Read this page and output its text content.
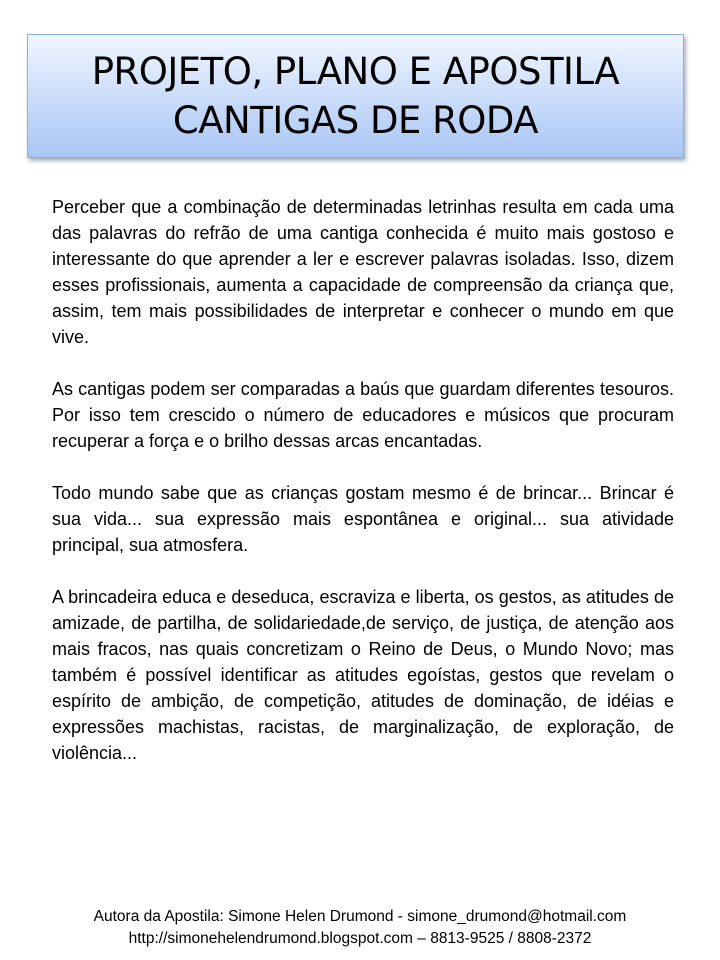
PROJETO, PLANO E APOSTILA
CANTIGAS DE RODA

Perceber que a combinação de determinadas letrinhas resulta em cada uma das palavras do refrão de uma cantiga conhecida é muito mais gostoso e interessante do que aprender a ler e escrever palavras isoladas. Isso, dizem esses profissionais, aumenta a capacidade de compreensão da criança que, assim, tem mais possibilidades de interpretar e conhecer o mundo em que vive.

As cantigas podem ser comparadas a baús que guardam diferentes tesouros. Por isso tem crescido o número de educadores e músicos que procuram recuperar a força e o brilho dessas arcas encantadas.

Todo mundo sabe que as crianças gostam mesmo é de brincar... Brincar é sua vida... sua expressão mais espontânea e original... sua atividade principal, sua atmosfera.

A brincadeira educa e deseduca, escraviza e liberta, os gestos, as atitudes de amizade, de partilha, de solidariedade,de serviço, de justiça, de atenção aos mais fracos, nas quais concretizam o Reino de Deus, o Mundo Novo; mas também é possível identificar as atitudes egoístas, gestos que revelam o espírito de ambição, de competição, atitudes de dominação, de idéias e expressões machistas, racistas, de marginalização, de exploração, de violência...

Autora da Apostila: Simone Helen Drumond - simone_drumond@hotmail.com
http://simonehelendrumond.blogspot.com – 8813-9525 / 8808-2372
